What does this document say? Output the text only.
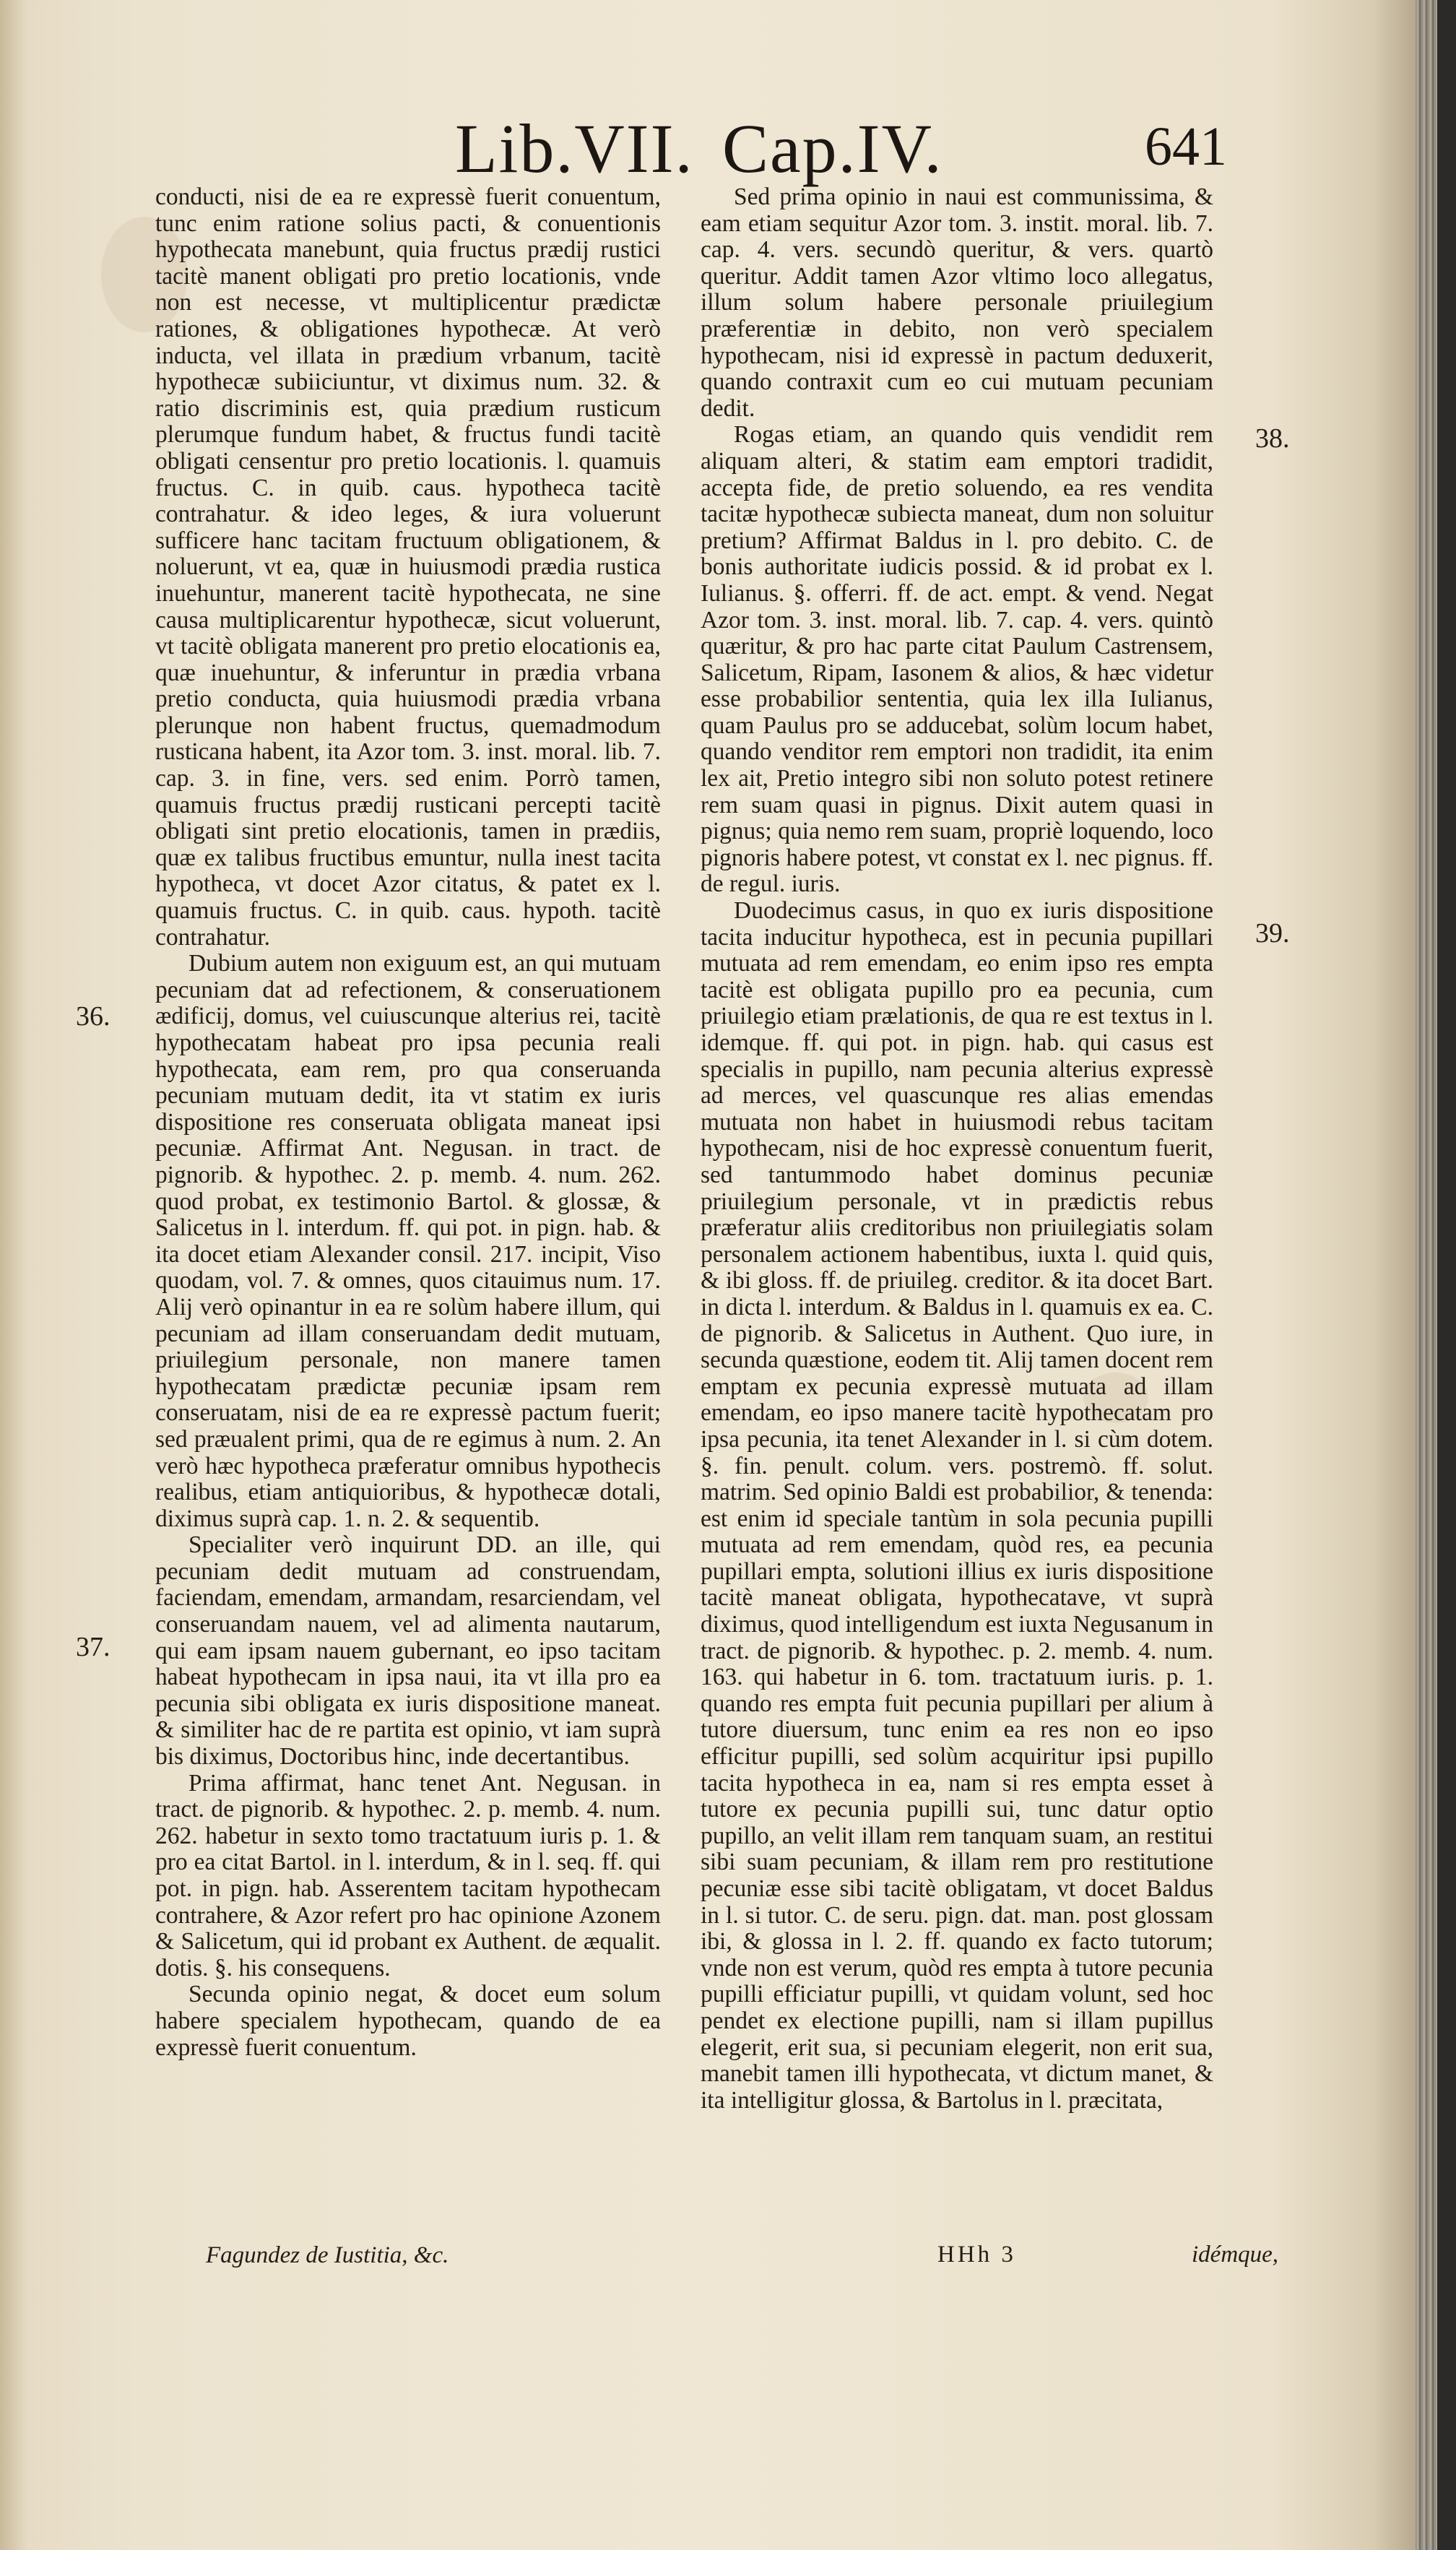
Lib.VII. Cap.IV.	641

conducti, nisi de ea re expressè fuerit conuentum, tunc enim ratione solius pacti, & conuentionis hypothecata manebunt, quia fructus prædij rustici tacitè manent obligati pro pretio locationis, vnde non est necesse, vt multiplicentur prædictæ rationes, & obligationes hypothecæ. At verò inducta, vel illata in prædium vrbanum, tacitè hypothecæ subiiciuntur, vt diximus num. 32. & ratio discriminis est, quia prædium rusticum plerumque fundum habet, & fructus fundi tacitè obligati censentur pro pretio locationis. l. quamuis fructus. C. in quib. caus. hypotheca tacitè contrahatur. & ideo leges, & iura voluerunt sufficere hanc tacitam fructuum obligationem, & noluerunt, vt ea, quæ in huiusmodi prædia rustica inuehuntur, manerent tacitè hypothecata, ne sine causa multiplicarentur hypothecæ, sicut voluerunt, vt tacitè obligata manerent pro pretio elocationis ea, quæ inuehuntur, & inferuntur in prædia vrbana pretio conducta, quia huiusmodi prædia vrbana plerunque non habent fructus, quemadmodum rusticana habent, ita Azor tom. 3. inst. moral. lib. 7. cap. 3. in fine, vers. sed enim. Porrò tamen, quamuis fructus prædij rusticani percepti tacitè obligati sint pretio elocationis, tamen in prædiis, quæ ex talibus fructibus emuntur, nulla inest tacita hypotheca, vt docet Azor citatus, & patet ex l. quamuis fructus. C. in quib. caus. hypoth. tacitè contrahatur.

Dubium autem non exiguum est, an qui mutuam pecuniam dat ad refectionem, & conseruationem ædificij, domus, vel cuiuscunque alterius rei, tacitè hypothecatam habeat pro ipsa pecunia reali hypothecata, eam rem, pro qua conseruanda pecuniam mutuam dedit, ita vt statim ex iuris dispositione res conseruata obligata maneat ipsi pecuniæ. Affirmat Ant. Negusan. in tract. de pignorib. & hypothec. 2. p. memb. 4. num. 262. quod probat, ex testimonio Bartol. & glossæ, & Salicetus in l. interdum. ff. qui pot. in pign. hab. & ita docet etiam Alexander consil. 217. incipit, Viso quodam, vol. 7. & omnes, quos citauimus num. 17. Alij verò opinantur in ea re solùm habere illum, qui pecuniam ad illam conseruandam dedit mutuam, priuilegium personale, non manere tamen hypothecatam prædictæ pecuniæ ipsam rem conseruatam, nisi de ea re expressè pactum fuerit; sed præualent primi, qua de re egimus à num. 2. An verò hæc hypotheca præferatur omnibus hypothecis realibus, etiam antiquioribus, & hypothecæ dotali, diximus suprà cap. 1. n. 2. & sequentib.

Specialiter verò inquirunt DD. an ille, qui pecuniam dedit mutuam ad construendam, faciendam, emendam, armandam, resarciendam, vel conseruandam nauem, vel ad alimenta nautarum, qui eam ipsam nauem gubernant, eo ipso tacitam habeat hypothecam in ipsa naui, ita vt illa pro ea pecunia sibi obligata ex iuris dispositione maneat. & similiter hac de re partita est opinio, vt iam suprà bis diximus, Doctoribus hinc, inde decertantibus.

Prima affirmat, hanc tenet Ant. Negusan. in tract. de pignorib. & hypothec. 2. p. memb. 4. num. 262. habetur in sexto tomo tractatuum iuris p. 1. & pro ea citat Bartol. in l. interdum, & in l. seq. ff. qui pot. in pign. hab. Asserentem tacitam hypothecam contrahere, & Azor refert pro hac opinione Azonem & Salicetum, qui id probant ex Authent. de æqualit. dotis. §. his consequens.

Secunda opinio negat, & docet eum solum habere specialem hypothecam, quando de ea expressè fuerit conuentum.

Sed prima opinio in naui est communissima, & eam etiam sequitur Azor tom. 3. instit. moral. lib. 7. cap. 4. vers. secundò queritur, & vers. quartò queritur. Addit tamen Azor vltimo loco allegatus, illum solum habere personale priuilegium præferentiæ in debito, non verò specialem hypothecam, nisi id expressè in pactum deduxerit, quando contraxit cum eo cui mutuam pecuniam dedit.

Rogas etiam, an quando quis vendidit rem aliquam alteri, & statim eam emptori tradidit, accepta fide, de pretio soluendo, ea res vendita tacitæ hypothecæ subiecta maneat, dum non soluitur pretium? Affirmat Baldus in l. pro debito. C. de bonis authoritate iudicis possid. & id probat ex l. Iulianus. §. offerri. ff. de act. empt. & vend. Negat Azor tom. 3. inst. moral. lib. 7. cap. 4. vers. quintò quæritur, & pro hac parte citat Paulum Castrensem, Salicetum, Ripam, Iasonem & alios, & hæc videtur esse probabilior sententia, quia lex illa Iulianus, quam Paulus pro se adducebat, solùm locum habet, quando venditor rem emptori non tradidit, ita enim lex ait, Pretio integro sibi non soluto potest retinere rem suam quasi in pignus. Dixit autem quasi in pignus; quia nemo rem suam, propriè loquendo, loco pignoris habere potest, vt constat ex l. nec pignus. ff. de regul. iuris.

Duodecimus casus, in quo ex iuris dispositione tacita inducitur hypotheca, est in pecunia pupillari mutuata ad rem emendam, eo enim ipso res empta tacitè est obligata pupillo pro ea pecunia, cum priuilegio etiam prælationis, de qua re est textus in l. idemque. ff. qui pot. in pign. hab. qui casus est specialis in pupillo, nam pecunia alterius expressè ad merces, vel quascunque res alias emendas mutuata non habet in huiusmodi rebus tacitam hypothecam, nisi de hoc expressè conuentum fuerit, sed tantummodo habet dominus pecuniæ priuilegium personale, vt in prædictis rebus præferatur aliis creditoribus non priuilegiatis solam personalem actionem habentibus, iuxta l. quid quis, & ibi gloss. ff. de priuileg. creditor. & ita docet Bart. in dicta l. interdum. & Baldus in l. quamuis ex ea. C. de pignorib. & Salicetus in Authent. Quo iure, in secunda quæstione, eodem tit. Alij tamen docent rem emptam ex pecunia expressè mutuata ad illam emendam, eo ipso manere tacitè hypothecatam pro ipsa pecunia, ita tenet Alexander in l. si cùm dotem. §. fin. penult. colum. vers. postremò. ff. solut. matrim. Sed opinio Baldi est probabilior, & tenenda: est enim id speciale tantùm in sola pecunia pupilli mutuata ad rem emendam, quòd res, ea pecunia pupillari empta, solutioni illius ex iuris dispositione tacitè maneat obligata, hypothecatave, vt suprà diximus, quod intelligendum est iuxta Negusanum in tract. de pignorib. & hypothec. p. 2. memb. 4. num. 163. qui habetur in 6. tom. tractatuum iuris. p. 1. quando res empta fuit pecunia pupillari per alium à tutore diuersum, tunc enim ea res non eo ipso efficitur pupilli, sed solùm acquiritur ipsi pupillo tacita hypotheca in ea, nam si res empta esset à tutore ex pecunia pupilli sui, tunc datur optio pupillo, an velit illam rem tanquam suam, an restitui sibi suam pecuniam, & illam rem pro restitutione pecuniæ esse sibi tacitè obligatam, vt docet Baldus in l. si tutor. C. de seru. pign. dat. man. post glossam ibi, & glossa in l. 2. ff. quando ex facto tutorum; vnde non est verum, quòd res empta à tutore pecunia pupilli efficiatur pupilli, vt quidam volunt, sed hoc pendet ex electione pupilli, nam si illam pupillus elegerit, erit sua, si pecuniam elegerit, non erit sua, manebit tamen illi hypothecata, vt dictum manet, & ita intelligitur glossa, & Bartolus in l. præcitata,

36.
37.
38.
39.
Fagundez de Iustitia, &c.	HHh 3	idémque,
